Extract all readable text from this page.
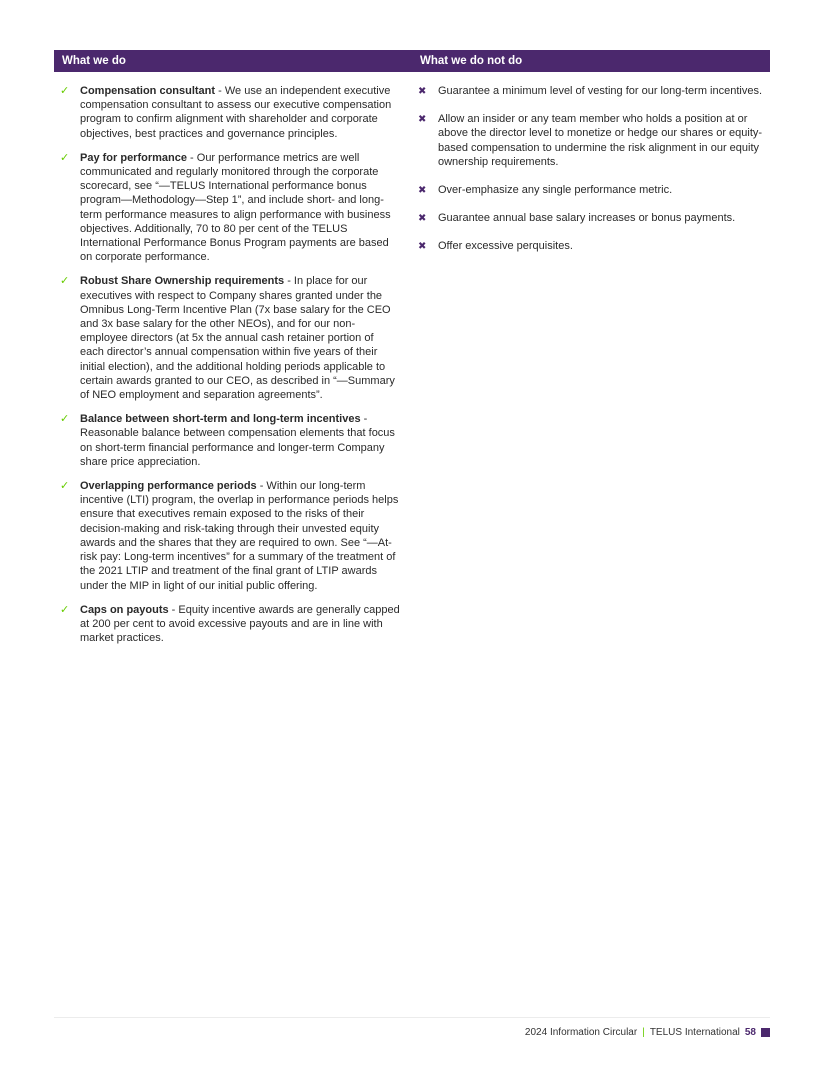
What we do	What we do not do
✓ Compensation consultant - We use an independent executive compensation consultant to assess our executive compensation program to confirm alignment with shareholder and corporate objectives, best practices and governance principles.
✓ Pay for performance - Our performance metrics are well communicated and regularly monitored through the corporate scorecard, see “—TELUS International performance bonus program—Methodology—Step 1”, and include short- and long-term performance measures to align performance with business objectives. Additionally, 70 to 80 per cent of the TELUS International Performance Bonus Program payments are based on corporate performance.
✓ Robust Share Ownership requirements - In place for our executives with respect to Company shares granted under the Omnibus Long-Term Incentive Plan (7x base salary for the CEO and 3x base salary for the other NEOs), and for our non-employee directors (at 5x the annual cash retainer portion of each director’s annual compensation within five years of their initial election), and the additional holding periods applicable to certain awards granted to our CEO, as described in “—Summary of NEO employment and separation agreements”.
✓ Balance between short-term and long-term incentives - Reasonable balance between compensation elements that focus on short-term financial performance and longer-term Company share price appreciation.
✓ Overlapping performance periods - Within our long-term incentive (LTI) program, the overlap in performance periods helps ensure that executives remain exposed to the risks of their decision-making and risk-taking through their unvested equity awards and the shares that they are required to own. See “—At-risk pay: Long-term incentives” for a summary of the treatment of the 2021 LTIP and treatment of the final grant of LTIP awards under the MIP in light of our initial public offering.
✓ Caps on payouts - Equity incentive awards are generally capped at 200 per cent to avoid excessive payouts and are in line with market practices.
✖ Guarantee a minimum level of vesting for our long-term incentives.
✖ Allow an insider or any team member who holds a position at or above the director level to monetize or hedge our shares or equity-based compensation to undermine the risk alignment in our equity ownership requirements.
✖ Over-emphasize any single performance metric.
✖ Guarantee annual base salary increases or bonus payments.
✖ Offer excessive perquisites.
2024 Information Circular | TELUS International 58
